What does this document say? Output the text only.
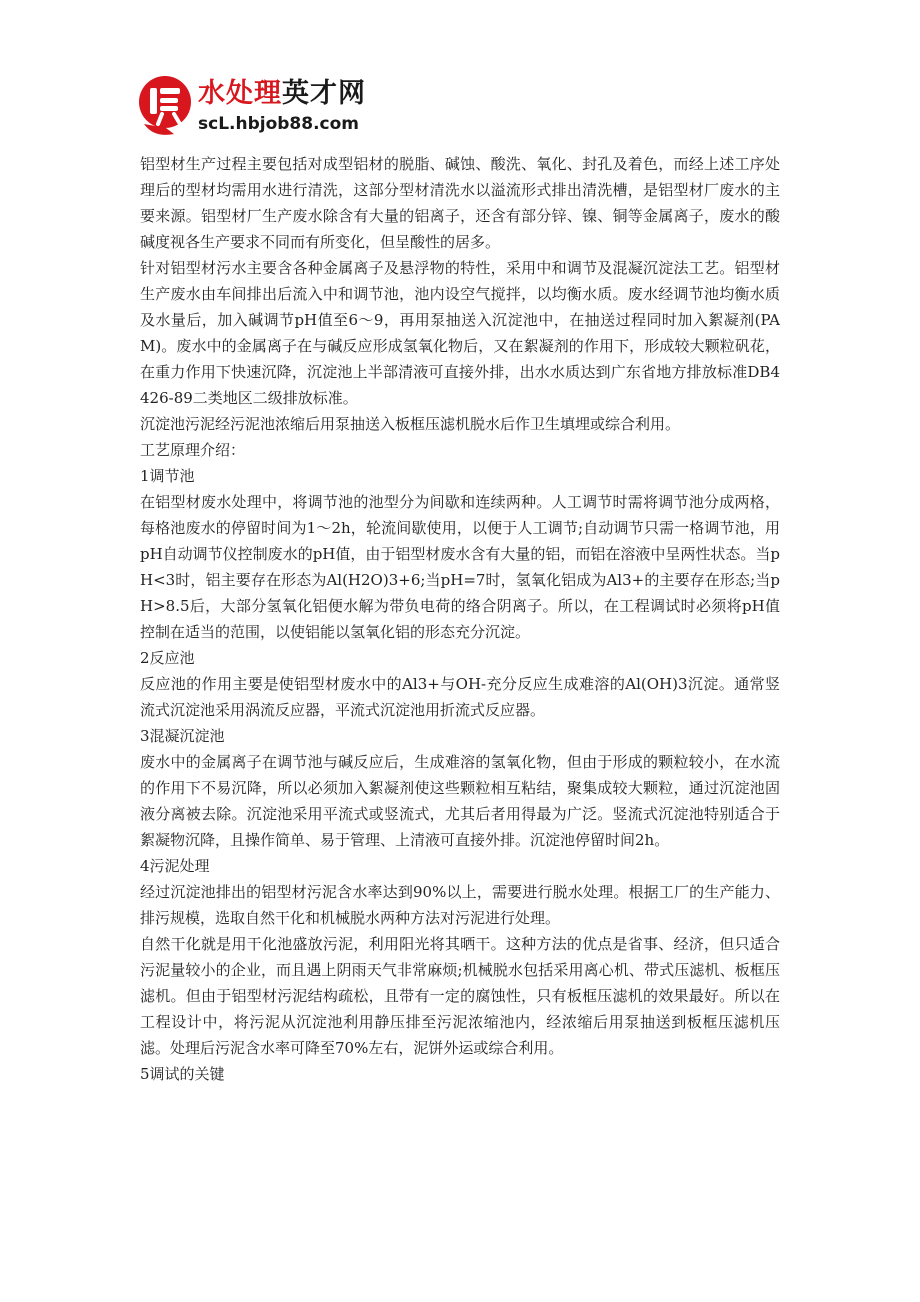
水处理英才网
scL.hbjob88.com

铝型材生产过程主要包括对成型铝材的脱脂、碱蚀、酸洗、氧化、封孔及着色，而经上述工序处理后的型材均需用水进行清洗，这部分型材清洗水以溢流形式排出清洗槽，是铝型材厂废水的主要来源。铝型材厂生产废水除含有大量的铝离子，还含有部分锌、镍、铜等金属离子，废水的酸碱度视各生产要求不同而有所变化，但呈酸性的居多。

针对铝型材污水主要含各种金属离子及悬浮物的特性，采用中和调节及混凝沉淀法工艺。铝型材生产废水由车间排出后流入中和调节池，池内设空气搅拌，以均衡水质。废水经调节池均衡水质及水量后，加入碱调节pH值至6～9，再用泵抽送入沉淀池中，在抽送过程同时加入絮凝剂(PAM)。废水中的金属离子在与碱反应形成氢氧化物后，又在絮凝剂的作用下，形成较大颗粒矾花，在重力作用下快速沉降，沉淀池上半部清液可直接外排，出水水质达到广东省地方排放标准DB4426-89二类地区二级排放标准。

沉淀池污泥经污泥池浓缩后用泵抽送入板框压滤机脱水后作卫生填埋或综合利用。

工艺原理介绍：

1调节池

在铝型材废水处理中，将调节池的池型分为间歇和连续两种。人工调节时需将调节池分成两格，每格池废水的停留时间为1～2h，轮流间歇使用，以便于人工调节;自动调节只需一格调节池，用pH自动调节仪控制废水的pH值，由于铝型材废水含有大量的铝，而铝在溶液中呈两性状态。当pH<3时，铝主要存在形态为Al(H2O)3+6;当pH=7时，氢氧化铝成为Al3+的主要存在形态;当pH>8.5后，大部分氢氧化铝便水解为带负电荷的络合阴离子。所以，在工程调试时必须将pH值控制在适当的范围，以使铝能以氢氧化铝的形态充分沉淀。

2反应池

反应池的作用主要是使铝型材废水中的Al3+与OH-充分反应生成难溶的Al(OH)3沉淀。通常竖流式沉淀池采用涡流反应器，平流式沉淀池用折流式反应器。

3混凝沉淀池

废水中的金属离子在调节池与碱反应后，生成难溶的氢氧化物，但由于形成的颗粒较小，在水流的作用下不易沉降，所以必须加入絮凝剂使这些颗粒相互粘结，聚集成较大颗粒，通过沉淀池固液分离被去除。沉淀池采用平流式或竖流式，尤其后者用得最为广泛。竖流式沉淀池特别适合于絮凝物沉降，且操作简单、易于管理、上清液可直接外排。沉淀池停留时间2h。

4污泥处理

经过沉淀池排出的铝型材污泥含水率达到90%以上，需要进行脱水处理。根据工厂的生产能力、排污规模，选取自然干化和机械脱水两种方法对污泥进行处理。

自然干化就是用干化池盛放污泥，利用阳光将其晒干。这种方法的优点是省事、经济，但只适合污泥量较小的企业，而且遇上阴雨天气非常麻烦;机械脱水包括采用离心机、带式压滤机、板框压滤机。但由于铝型材污泥结构疏松，且带有一定的腐蚀性，只有板框压滤机的效果最好。所以在工程设计中，将污泥从沉淀池利用静压排至污泥浓缩池内，经浓缩后用泵抽送到板框压滤机压滤。处理后污泥含水率可降至70%左右，泥饼外运或综合利用。

5调试的关键
